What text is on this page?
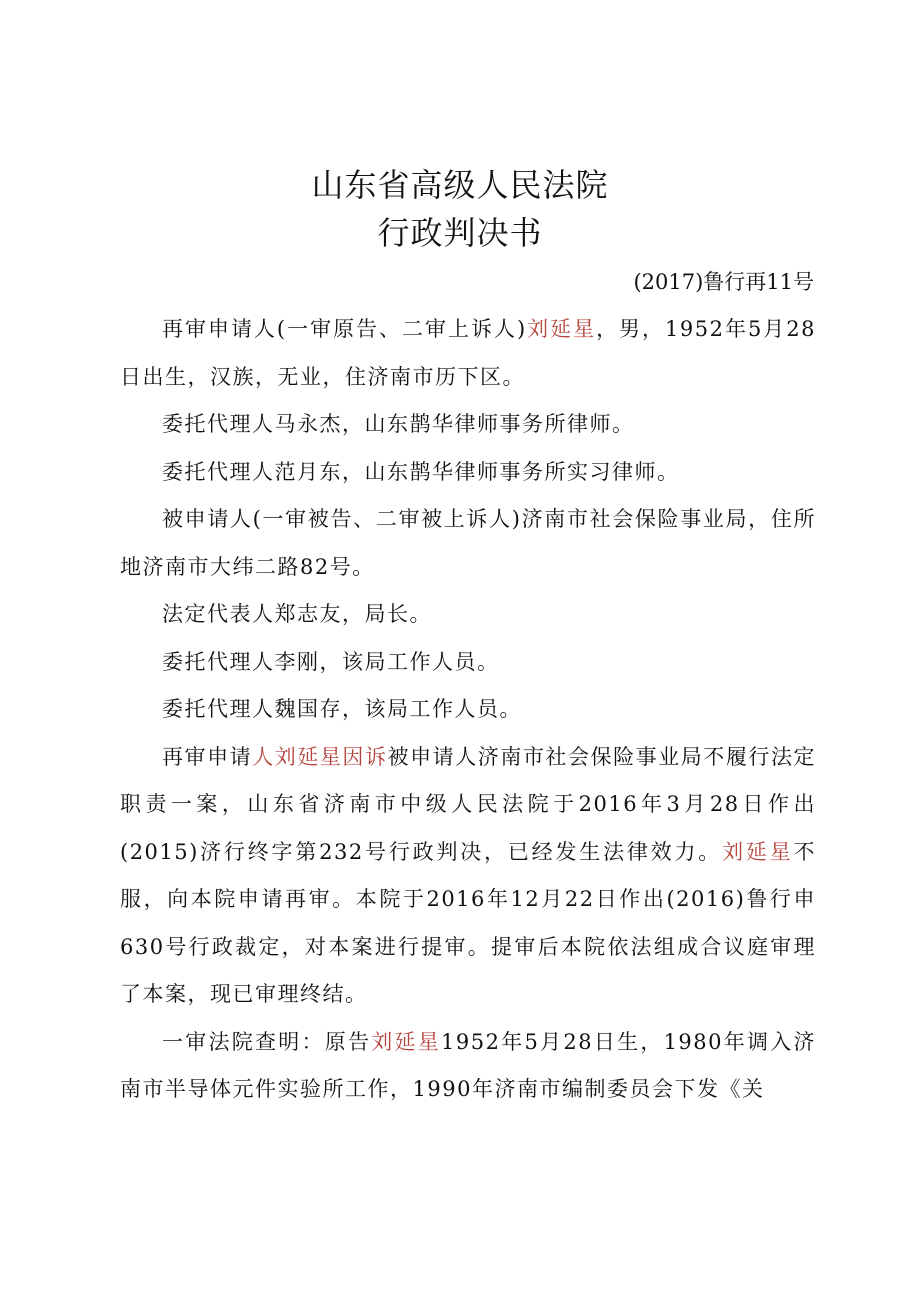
山东省高级人民法院
行政判决书
(2017)鲁行再11号

再审申请人(一审原告、二审上诉人)刘延星，男，1952年5月28日出生，汉族，无业，住济南市历下区。

委托代理人马永杰，山东鹊华律师事务所律师。

委托代理人范月东，山东鹊华律师事务所实习律师。

被申请人(一审被告、二审被上诉人)济南市社会保险事业局，住所地济南市大纬二路82号。

法定代表人郑志友，局长。

委托代理人李刚，该局工作人员。

委托代理人魏国存，该局工作人员。

再审申请人刘延星因诉被申请人济南市社会保险事业局不履行法定职责一案，山东省济南市中级人民法院于2016年3月28日作出(2015)济行终字第232号行政判决，已经发生法律效力。刘延星不服，向本院申请再审。本院于2016年12月22日作出(2016)鲁行申630号行政裁定，对本案进行提审。提审后本院依法组成合议庭审理了本案，现已审理终结。

一审法院查明：原告刘延星1952年5月28日生，1980年调入济南市半导体元件实验所工作，1990年济南市编制委员会下发《关
